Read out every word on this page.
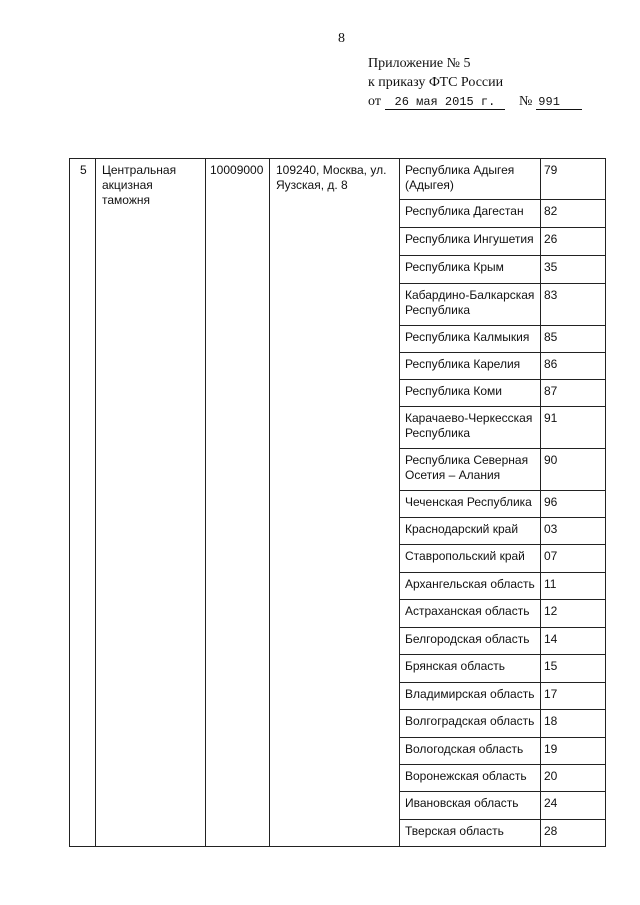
8
Приложение № 5
к приказу ФТС России
от 26 мая 2015 г. № 991
5	Центральная акцизная таможня	10009000	109240, Москва, ул. Яузская, д. 8	Республика Адыгея (Адыгея)	79

				Республика Дагестан	82

				Республика Ингушетия	26

				Республика Крым	35

				Кабардино-Балкарская Республика	83

				Республика Калмыкия	85

				Республика Карелия	86

				Республика Коми	87

				Карачаево-Черкесская Республика	91

				Республика Северная Осетия – Алания	90

				Чеченская Республика	96

				Краснодарский край	03

				Ставропольский край	07

				Архангельская область	11

				Астраханская область	12

				Белгородская область	14

				Брянская область	15

				Владимирская область	17

				Волгоградская область	18

				Вологодская область	19

				Воронежская область	20

				Ивановская область	24

				Тверская область	28
